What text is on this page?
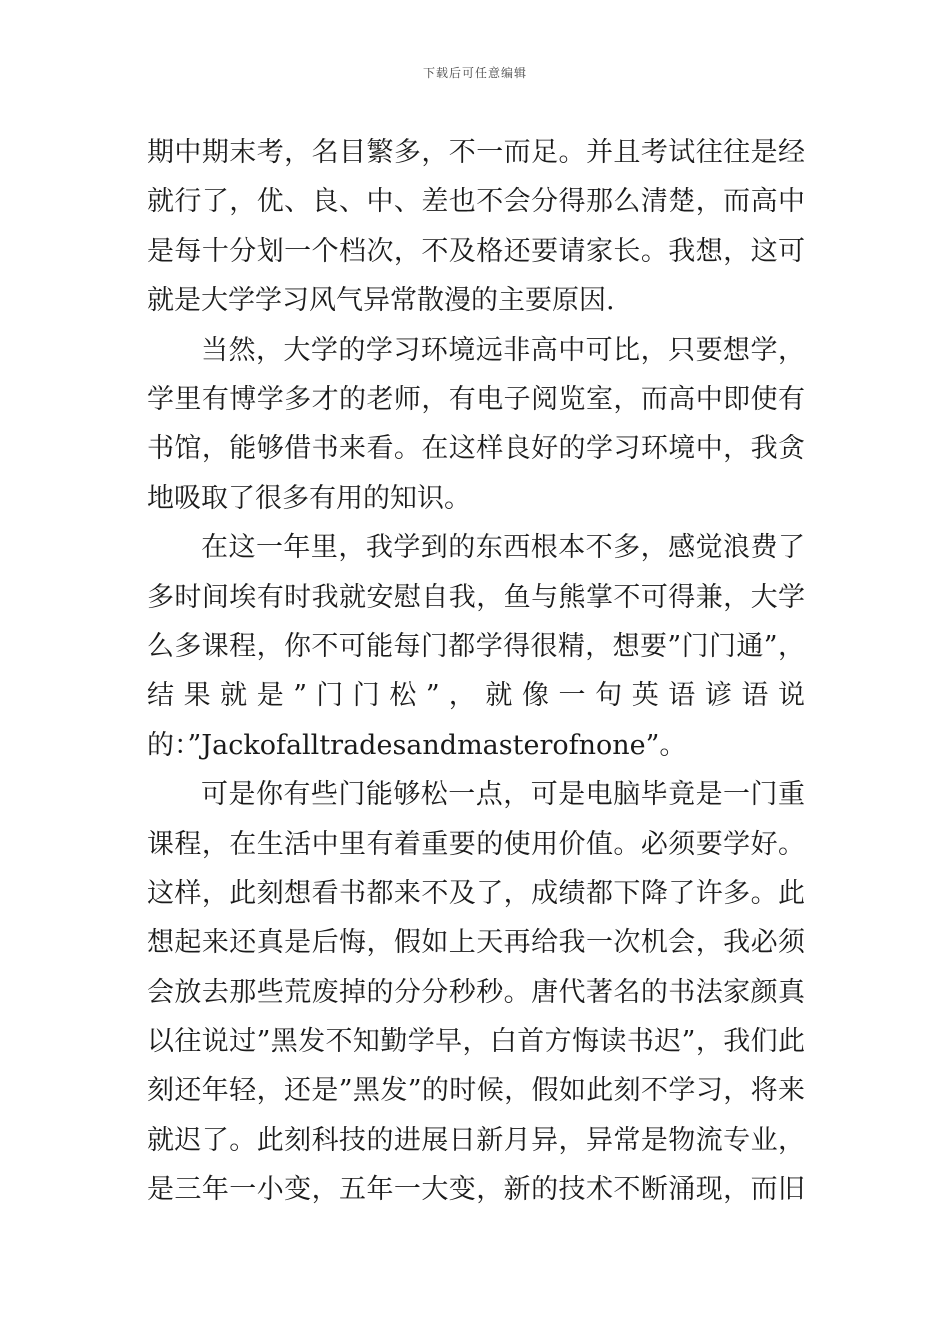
下载后可任意编辑

期中期末考，名目繁多，不一而足。并且考试往往是经
就行了，优、良、中、差也不会分得那么清楚，而高中
是每十分划一个档次，不及格还要请家长。我想，这可
就是大学学习风气异常散漫的主要原因.

当然，大学的学习环境远非高中可比，只要想学，
学里有博学多才的老师，有电子阅览室，而高中即使有
书馆，能够借书来看。在这样良好的学习环境中，我贪
地吸取了很多有用的知识。

在这一年里，我学到的东西根本不多，感觉浪费了
多时间埃有时我就安慰自我，鱼与熊掌不可得兼，大学
么多课程，你不可能每门都学得很精，想要”门门通”，
结 果 就 是 ” 门 门 松 ” ， 就 像 一 句 英 语 谚 语 说
的：”Jackofalltradesandmasterofnone”。

可是你有些门能够松一点，可是电脑毕竟是一门重
课程，在生活中里有着重要的使用价值。必须要学好。
这样，此刻想看书都来不及了，成绩都下降了许多。此
想起来还真是后悔，假如上天再给我一次机会，我必须
会放去那些荒废掉的分分秒秒。唐代著名的书法家颜真
以往说过”黑发不知勤学早，白首方悔读书迟”，我们此
刻还年轻，还是”黑发”的时候，假如此刻不学习，将来
就迟了。此刻科技的进展日新月异，异常是物流专业，
是三年一小变，五年一大变，新的技术不断涌现，而旧
